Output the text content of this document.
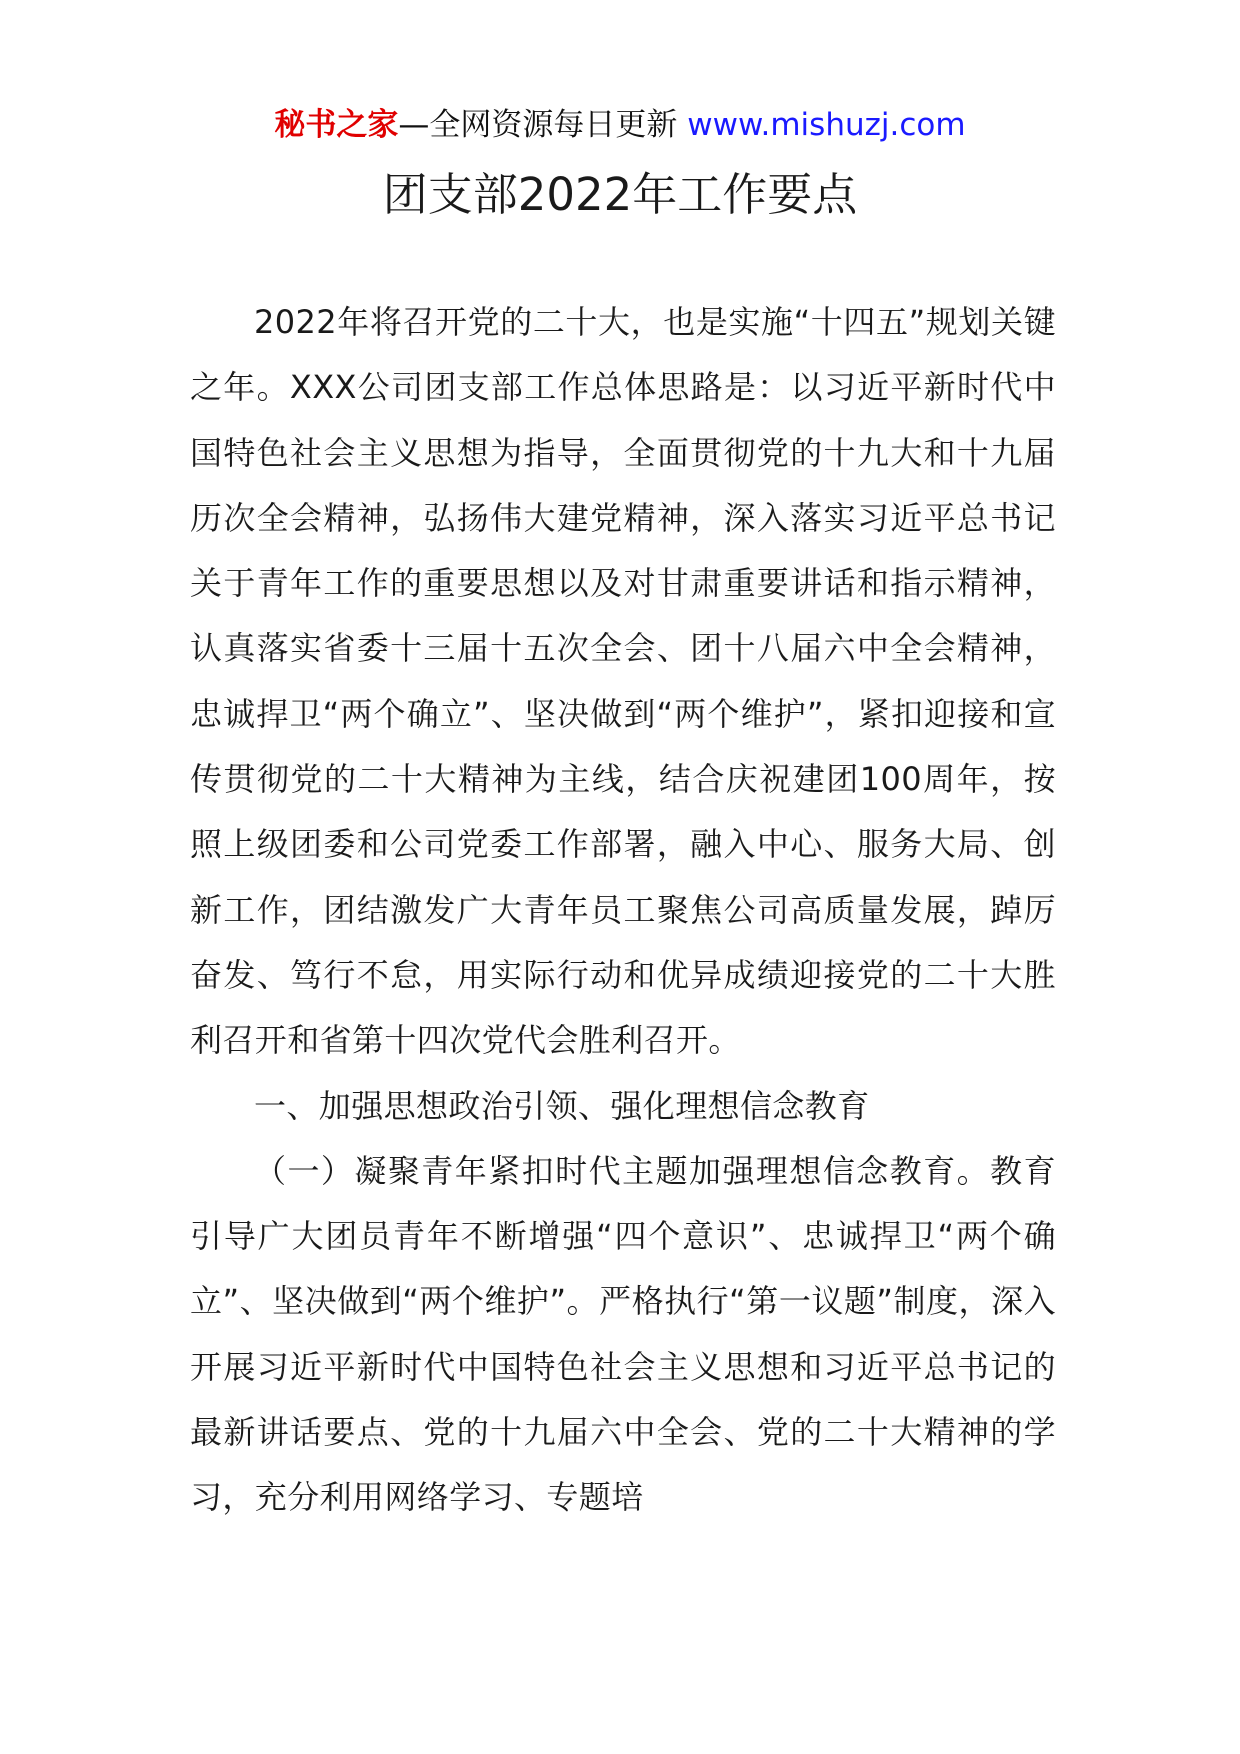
秘书之家—全网资源每日更新 www.mishuzj.com
团支部2022年工作要点

2022年将召开党的二十大，也是实施“十四五”规划关键之年。XXX公司团支部工作总体思路是：以习近平新时代中国特色社会主义思想为指导，全面贯彻党的十九大和十九届历次全会精神，弘扬伟大建党精神，深入落实习近平总书记关于青年工作的重要思想以及对甘肃重要讲话和指示精神，认真落实省委十三届十五次全会、团十八届六中全会精神，忠诚捍卫“两个确立”、坚决做到“两个维护”，紧扣迎接和宣传贯彻党的二十大精神为主线，结合庆祝建团100周年，按照上级团委和公司党委工作部署，融入中心、服务大局、创新工作，团结激发广大青年员工聚焦公司高质量发展，踔厉奋发、笃行不怠，用实际行动和优异成绩迎接党的二十大胜利召开和省第十四次党代会胜利召开。

一、加强思想政治引领、强化理想信念教育

（一）凝聚青年紧扣时代主题加强理想信念教育。教育引导广大团员青年不断增强“四个意识”、忠诚捍卫“两个确立”、坚决做到“两个维护”。严格执行“第一议题”制度，深入开展习近平新时代中国特色社会主义思想和习近平总书记的最新讲话要点、党的十九届六中全会、党的二十大精神的学习，充分利用网络学习、专题培
